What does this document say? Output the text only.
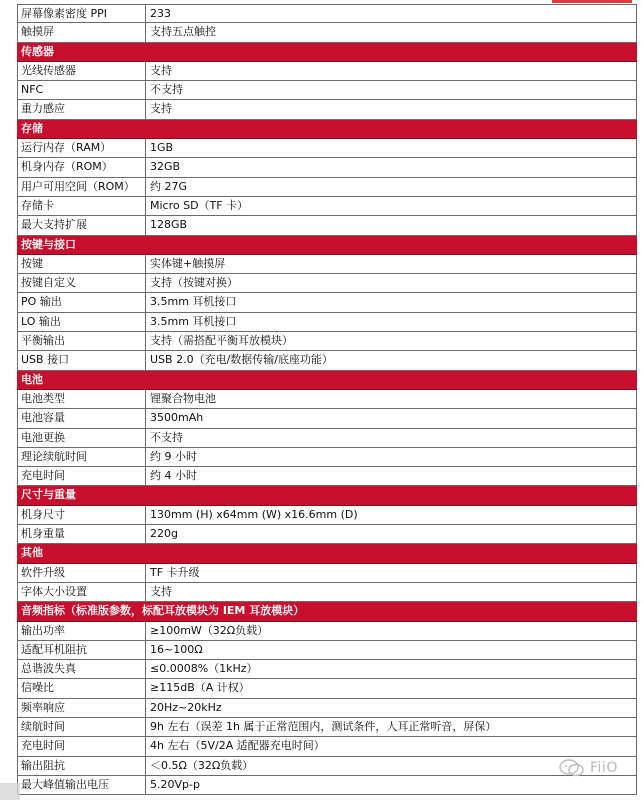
屏幕像素密度 PPI	233
触摸屏	支持五点触控
传感器
光线传感器	支持
NFC	不支持
重力感应	支持
存储
运行内存（RAM）	1GB
机身内存（ROM）	32GB
用户可用空间（ROM）	约 27G
存储卡	Micro SD（TF 卡）
最大支持扩展	128GB
按键与接口
按键	实体键+触摸屏
按键自定义	支持（按键对换）
PO 输出	3.5mm 耳机接口
LO 输出	3.5mm 耳机接口
平衡输出	支持（需搭配平衡耳放模块）
USB 接口	USB 2.0（充电/数据传输/底座功能）
电池
电池类型	锂聚合物电池
电池容量	3500mAh
电池更换	不支持
理论续航时间	约 9 小时
充电时间	约 4 小时
尺寸与重量
机身尺寸	130mm (H) x64mm (W) x16.6mm (D)
机身重量	220g
其他
软件升级	TF 卡升级
字体大小设置	支持
音频指标（标准版参数，标配耳放模块为 IEM 耳放模块）
输出功率	≥100mW（32Ω负载）
适配耳机阻抗	16~100Ω
总谐波失真	≤0.0008%（1kHz）
信噪比	≥115dB（A 计权）
频率响应	20Hz~20kHz
续航时间	9h 左右（误差 1h 属于正常范围内，测试条件，人耳正常听音，屏保）
充电时间	4h 左右（5V/2A 适配器充电时间）
输出阻抗	＜0.5Ω（32Ω负载）
最大峰值输出电压	5.20Vp-p
FiiO
